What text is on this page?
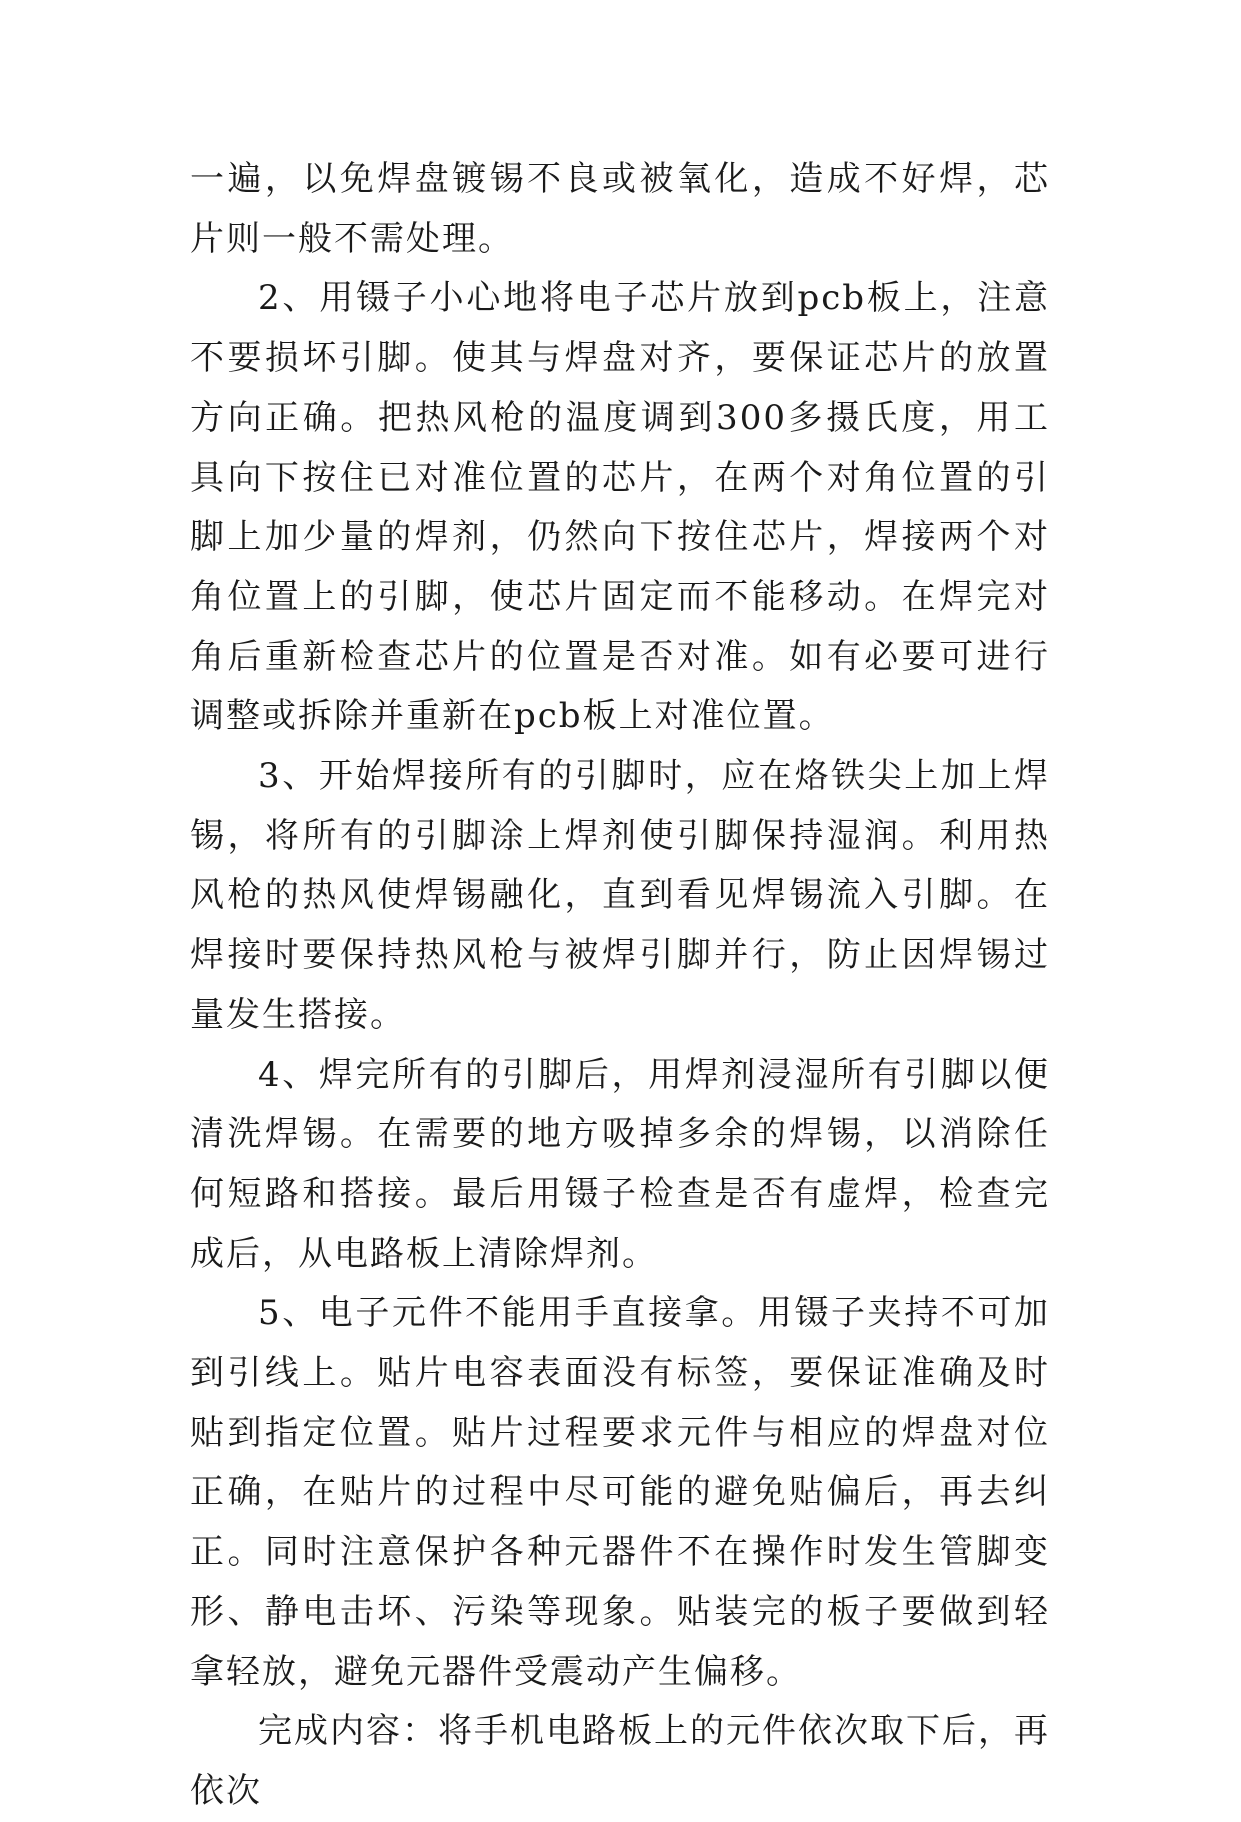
一遍，以免焊盘镀锡不良或被氧化，造成不好焊，芯片则一般不需处理。

2、用镊子小心地将电子芯片放到pcb板上，注意不要损坏引脚。使其与焊盘对齐，要保证芯片的放置方向正确。把热风枪的温度调到300多摄氏度，用工具向下按住已对准位置的芯片，在两个对角位置的引脚上加少量的焊剂，仍然向下按住芯片，焊接两个对角位置上的引脚，使芯片固定而不能移动。在焊完对角后重新检查芯片的位置是否对准。如有必要可进行调整或拆除并重新在pcb板上对准位置。

3、开始焊接所有的引脚时，应在烙铁尖上加上焊锡，将所有的引脚涂上焊剂使引脚保持湿润。利用热风枪的热风使焊锡融化，直到看见焊锡流入引脚。在焊接时要保持热风枪与被焊引脚并行，防止因焊锡过量发生搭接。

4、焊完所有的引脚后，用焊剂浸湿所有引脚以便清洗焊锡。在需要的地方吸掉多余的焊锡，以消除任何短路和搭接。最后用镊子检查是否有虚焊，检查完成后，从电路板上清除焊剂。

5、电子元件不能用手直接拿。用镊子夹持不可加到引线上。贴片电容表面没有标签，要保证准确及时贴到指定位置。贴片过程要求元件与相应的焊盘对位正确，在贴片的过程中尽可能的避免贴偏后，再去纠正。同时注意保护各种元器件不在操作时发生管脚变形、静电击坏、污染等现象。贴装完的板子要做到轻拿轻放，避免元器件受震动产生偏移。

完成内容：将手机电路板上的元件依次取下后，再依次
